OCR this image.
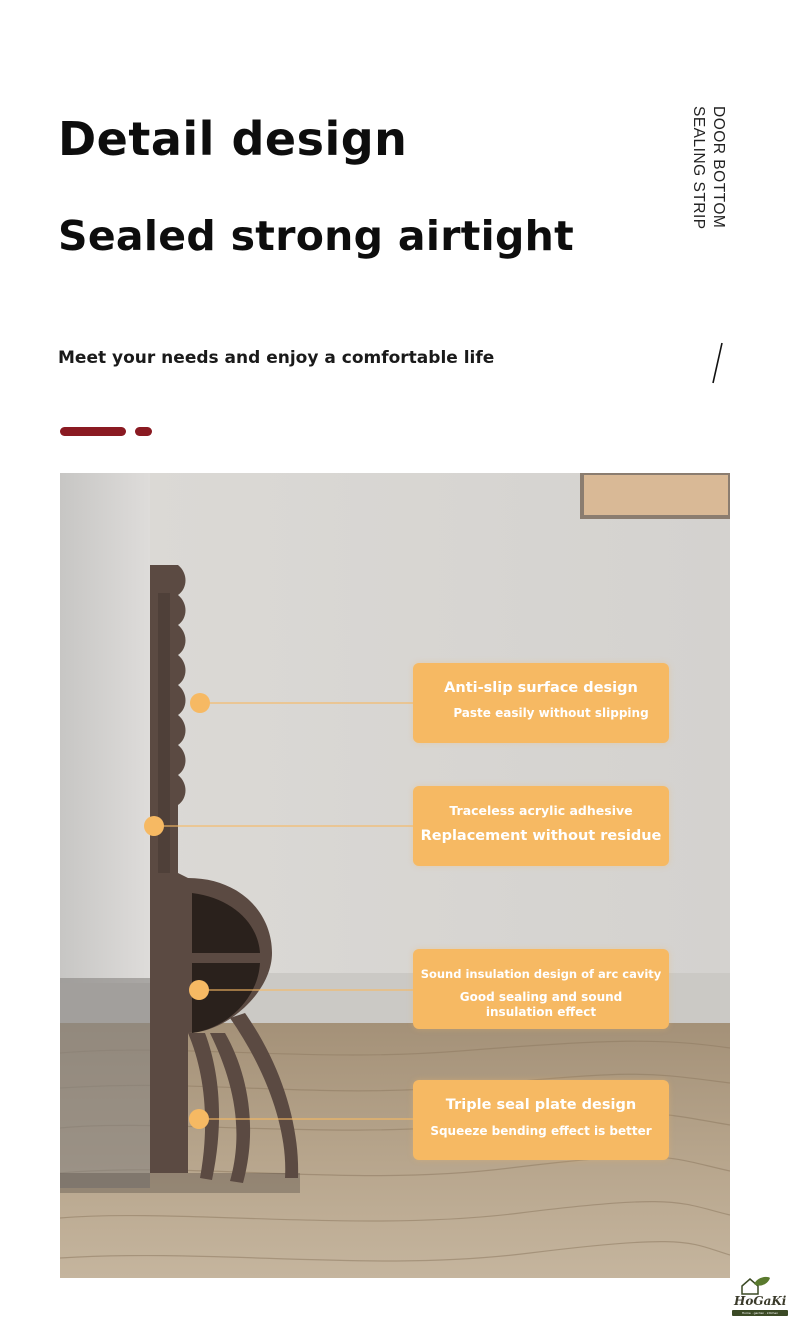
Detail design
Sealed strong airtight
Meet your needs and enjoy a comfortable life
DOOR BOTTOM
SEALING STRIP
Anti-slip surface design
Paste easily without slipping
Traceless acrylic adhesive
Replacement without residue
Sound insulation design of arc cavity
Good sealing and sound insulation effect
Triple seal plate design
Squeeze bending effect is better
HoGaKi
Home · garden · kitchen
